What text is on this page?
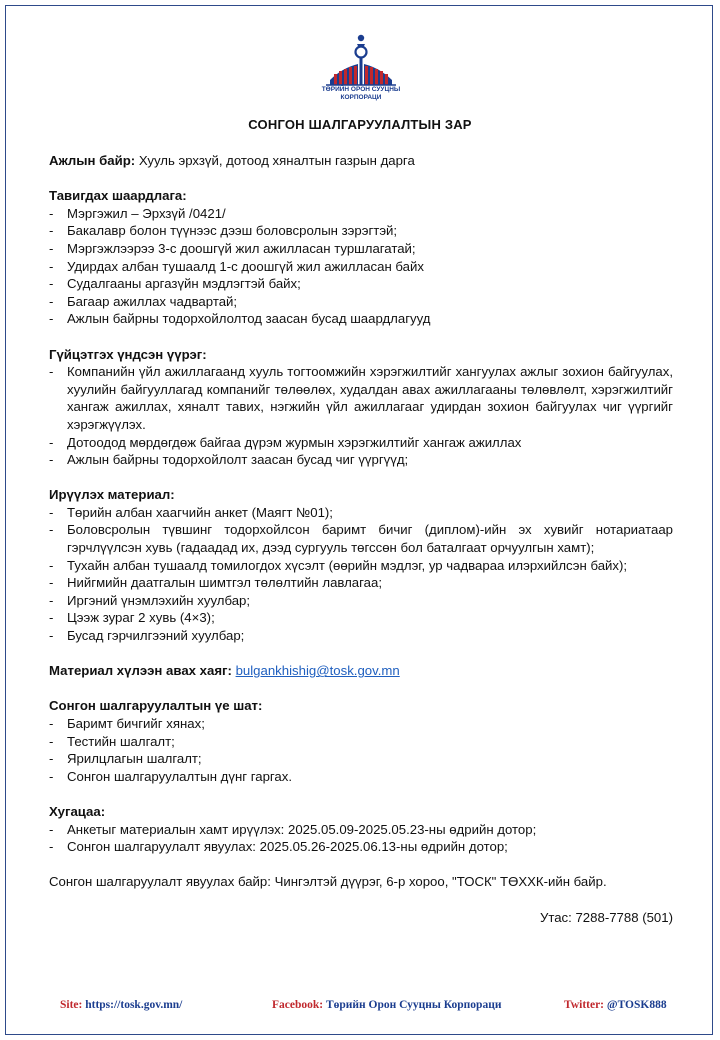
ТӨРИЙН ОРОН СУУЦНЫ
КОРПОРАЦИ
СОНГОН ШАЛГАРУУЛАЛТЫН ЗАР

Ажлын байр: Хууль эрхзүй, дотоод хяналтын газрын дарга

Тавигдах шаардлага:

- Мэргэжил – Эрхзүй /0421/
- Бакалавр болон түүнээс дээш боловсролын зэрэгтэй;
- Мэргэжлээрээ 3-с доошгүй жил ажилласан туршлагатай;
- Удирдах албан тушаалд 1-с доошгүй жил ажилласан байх
- Судалгааны аргазүйн мэдлэгтэй байх;
- Багаар ажиллах чадвартай;
- Ажлын байрны тодорхойлолтод заасан бусад шаардлагууд

Гүйцэтгэх үндсэн үүрэг:

- Компанийн үйл ажиллагаанд хууль тогтоомжийн хэрэгжилтийг хангуулах ажлыг зохион байгуулах, хуулийн байгууллагад компанийг төлөөлөх, худалдан авах ажиллагааны төлөвлөлт, хэрэгжилтийг хангаж ажиллах, хяналт тавих, нэгжийн үйл ажиллагааг удирдан зохион байгуулах чиг үүргийг хэрэгжүүлэх.
- Дотоодод мөрдөгдөж байгаа дүрэм журмын хэрэгжилтийг хангаж ажиллах
- Ажлын байрны тодорхойлолт заасан бусад чиг үүргүүд;

Ирүүлэх материал:

- Төрийн албан хаагчийн анкет (Маягт №01);
- Боловсролын түвшинг тодорхойлсон баримт бичиг (диплом)-ийн эх хувийг нотариатаар гэрчлүүлсэн хувь (гадаадад их, дээд сургууль төгссөн бол баталгаат орчуулгын хамт);
- Тухайн албан тушаалд томилогдох хүсэлт (өөрийн мэдлэг, ур чадвараа илэрхийлсэн байх);
- Нийгмийн даатгалын шимтгэл төлөлтийн лавлагаа;
- Иргэний үнэмлэхийн хуулбар;
- Цээж зураг 2 хувь (4×3);
- Бусад гэрчилгээний хуулбар;

Материал хүлээн авах хаяг: bulgankhishig@tosk.gov.mn

Сонгон шалгаруулалтын үе шат:

- Баримт бичгийг хянах;
- Тестийн шалгалт;
- Ярилцлагын шалгалт;
- Сонгон шалгаруулалтын дүнг гаргах.

Хугацаа:

- Анкетыг материалын хамт ирүүлэх: 2025.05.09-2025.05.23-ны өдрийн дотор;
- Сонгон шалгаруулалт явуулах: 2025.05.26-2025.06.13-ны өдрийн дотор;

Сонгон шалгаруулалт явуулах байр: Чингэлтэй дүүрэг, 6-р хороо, "ТОСК" ТӨХХК-ийн байр.

Утас: 7288-7788 (501)

Site: https://tosk.gov.mn/	Facebook: Төрийн Орон Сууцны Корпораци	Twitter: @TOSK888
